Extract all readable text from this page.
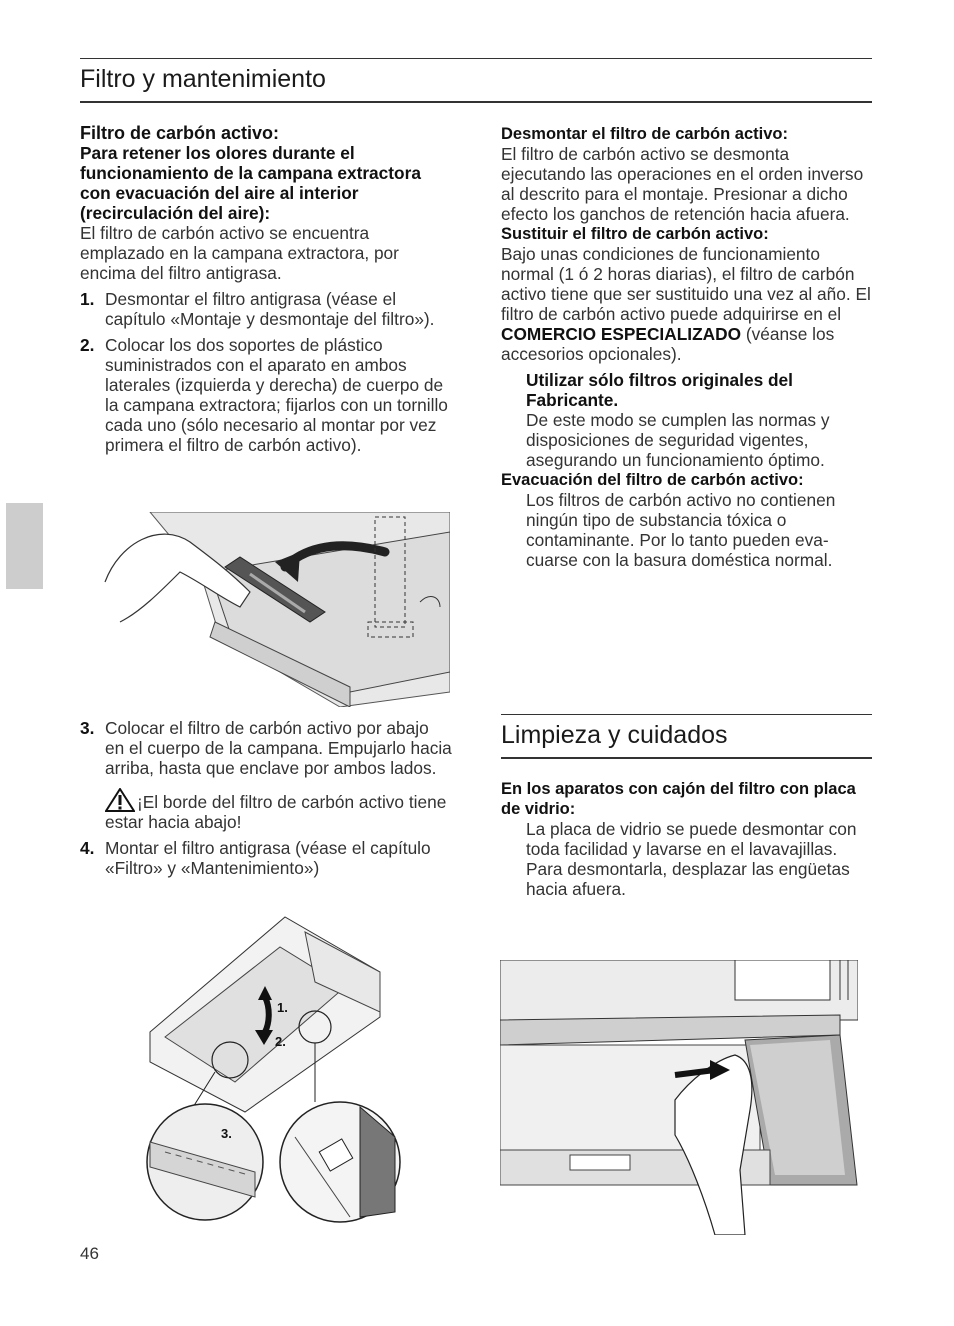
Filtro y mantenimiento

Filtro de carbón activo:

Para retener los olores durante el funcionamiento de la campana extractora con evacuación del aire al interior (recirculación del aire):

El filtro de carbón activo se encuentra emplazado en la campana extractora, por encima del filtro antigrasa.

1. Desmontar el filtro antigrasa (véase el capítulo «Montaje y desmontaje del filtro»).
2. Colocar los dos soportes de plástico suministrados con el aparato en ambos laterales (izquierda y derecha) de cuerpo de la campana extractora; fijarlos con un tornillo cada uno (sólo necesario al montar por vez primera el filtro de carbón activo).
3. Colocar el filtro de carbón activo por abajo en el cuerpo de la campana. Empujarlo hacia arriba, hasta que enclave por ambos lados.
¡El borde del filtro de carbón activo tiene estar hacia abajo!
4. Montar el filtro antigrasa (véase el capítulo «Filtro» y «Mantenimiento»)
1.
2.
3.

Desmontar el filtro de carbón activo:

El filtro de carbón activo se desmonta ejecutando las operaciones en el orden inverso al descrito para el montaje. Presionar a dicho efecto los ganchos de retención hacia afuera.

Sustituir el filtro de carbón activo:

Bajo unas condiciones de funcionamiento normal (1 ó 2 horas diarias), el filtro de carbón activo tiene que ser sustituido una vez al año. El filtro de carbón activo puede adquirirse en el COMERCIO ESPECIALIZADO (véanse los accesorios opcionales).

Utilizar sólo filtros originales del Fabricante.

De este modo se cumplen las normas y disposiciones de seguridad vigentes, asegurando un funcionamiento óptimo.

Evacuación del filtro de carbón activo:

Los filtros de carbón activo no contienen ningún tipo de substancia tóxica o contaminante. Por lo tanto pueden eva-cuarse con la basura doméstica normal.

Limpieza y cuidados

En los aparatos con cajón del filtro con placa de vidrio:

La placa de vidrio se puede desmontar con toda facilidad y lavarse en el lavavajillas.

Para desmontarla, desplazar las engüetas hacia afuera.

46
